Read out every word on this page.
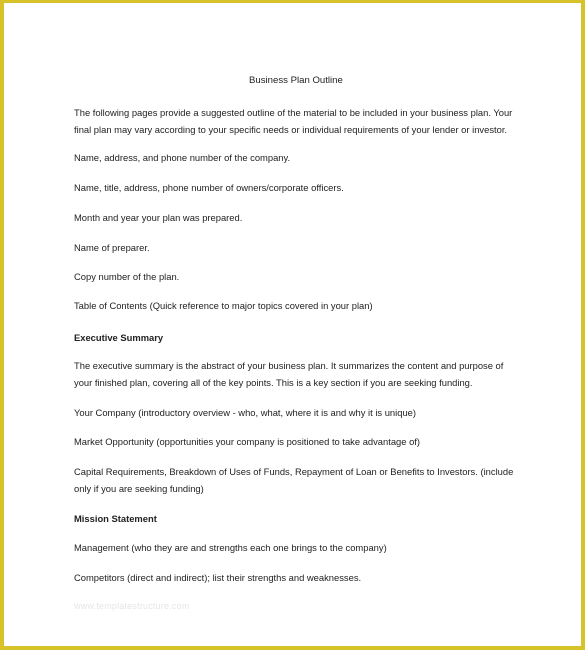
Business Plan Outline

The following pages provide a suggested outline of the material to be included in your business plan. Your final plan may vary according to your specific needs or individual requirements of your lender or investor.

Name, address, and phone number of the company.

Name, title, address, phone number of owners/corporate officers.

Month and year your plan was prepared.

Name of preparer.

Copy number of the plan.

Table of Contents (Quick reference to major topics covered in your plan)

Executive Summary

The executive summary is the abstract of your business plan. It summarizes the content and purpose of your finished plan, covering all of the key points. This is a key section if you are seeking funding.

Your Company (introductory overview - who, what, where it is and why it is unique)

Market Opportunity (opportunities your company is positioned to take advantage of)

Capital Requirements, Breakdown of Uses of Funds, Repayment of Loan or Benefits to Investors. (include only if you are seeking funding)

Mission Statement

Management (who they are and strengths each one brings to the company)

Competitors (direct and indirect); list their strengths and weaknesses.

www.templatestructure.com
